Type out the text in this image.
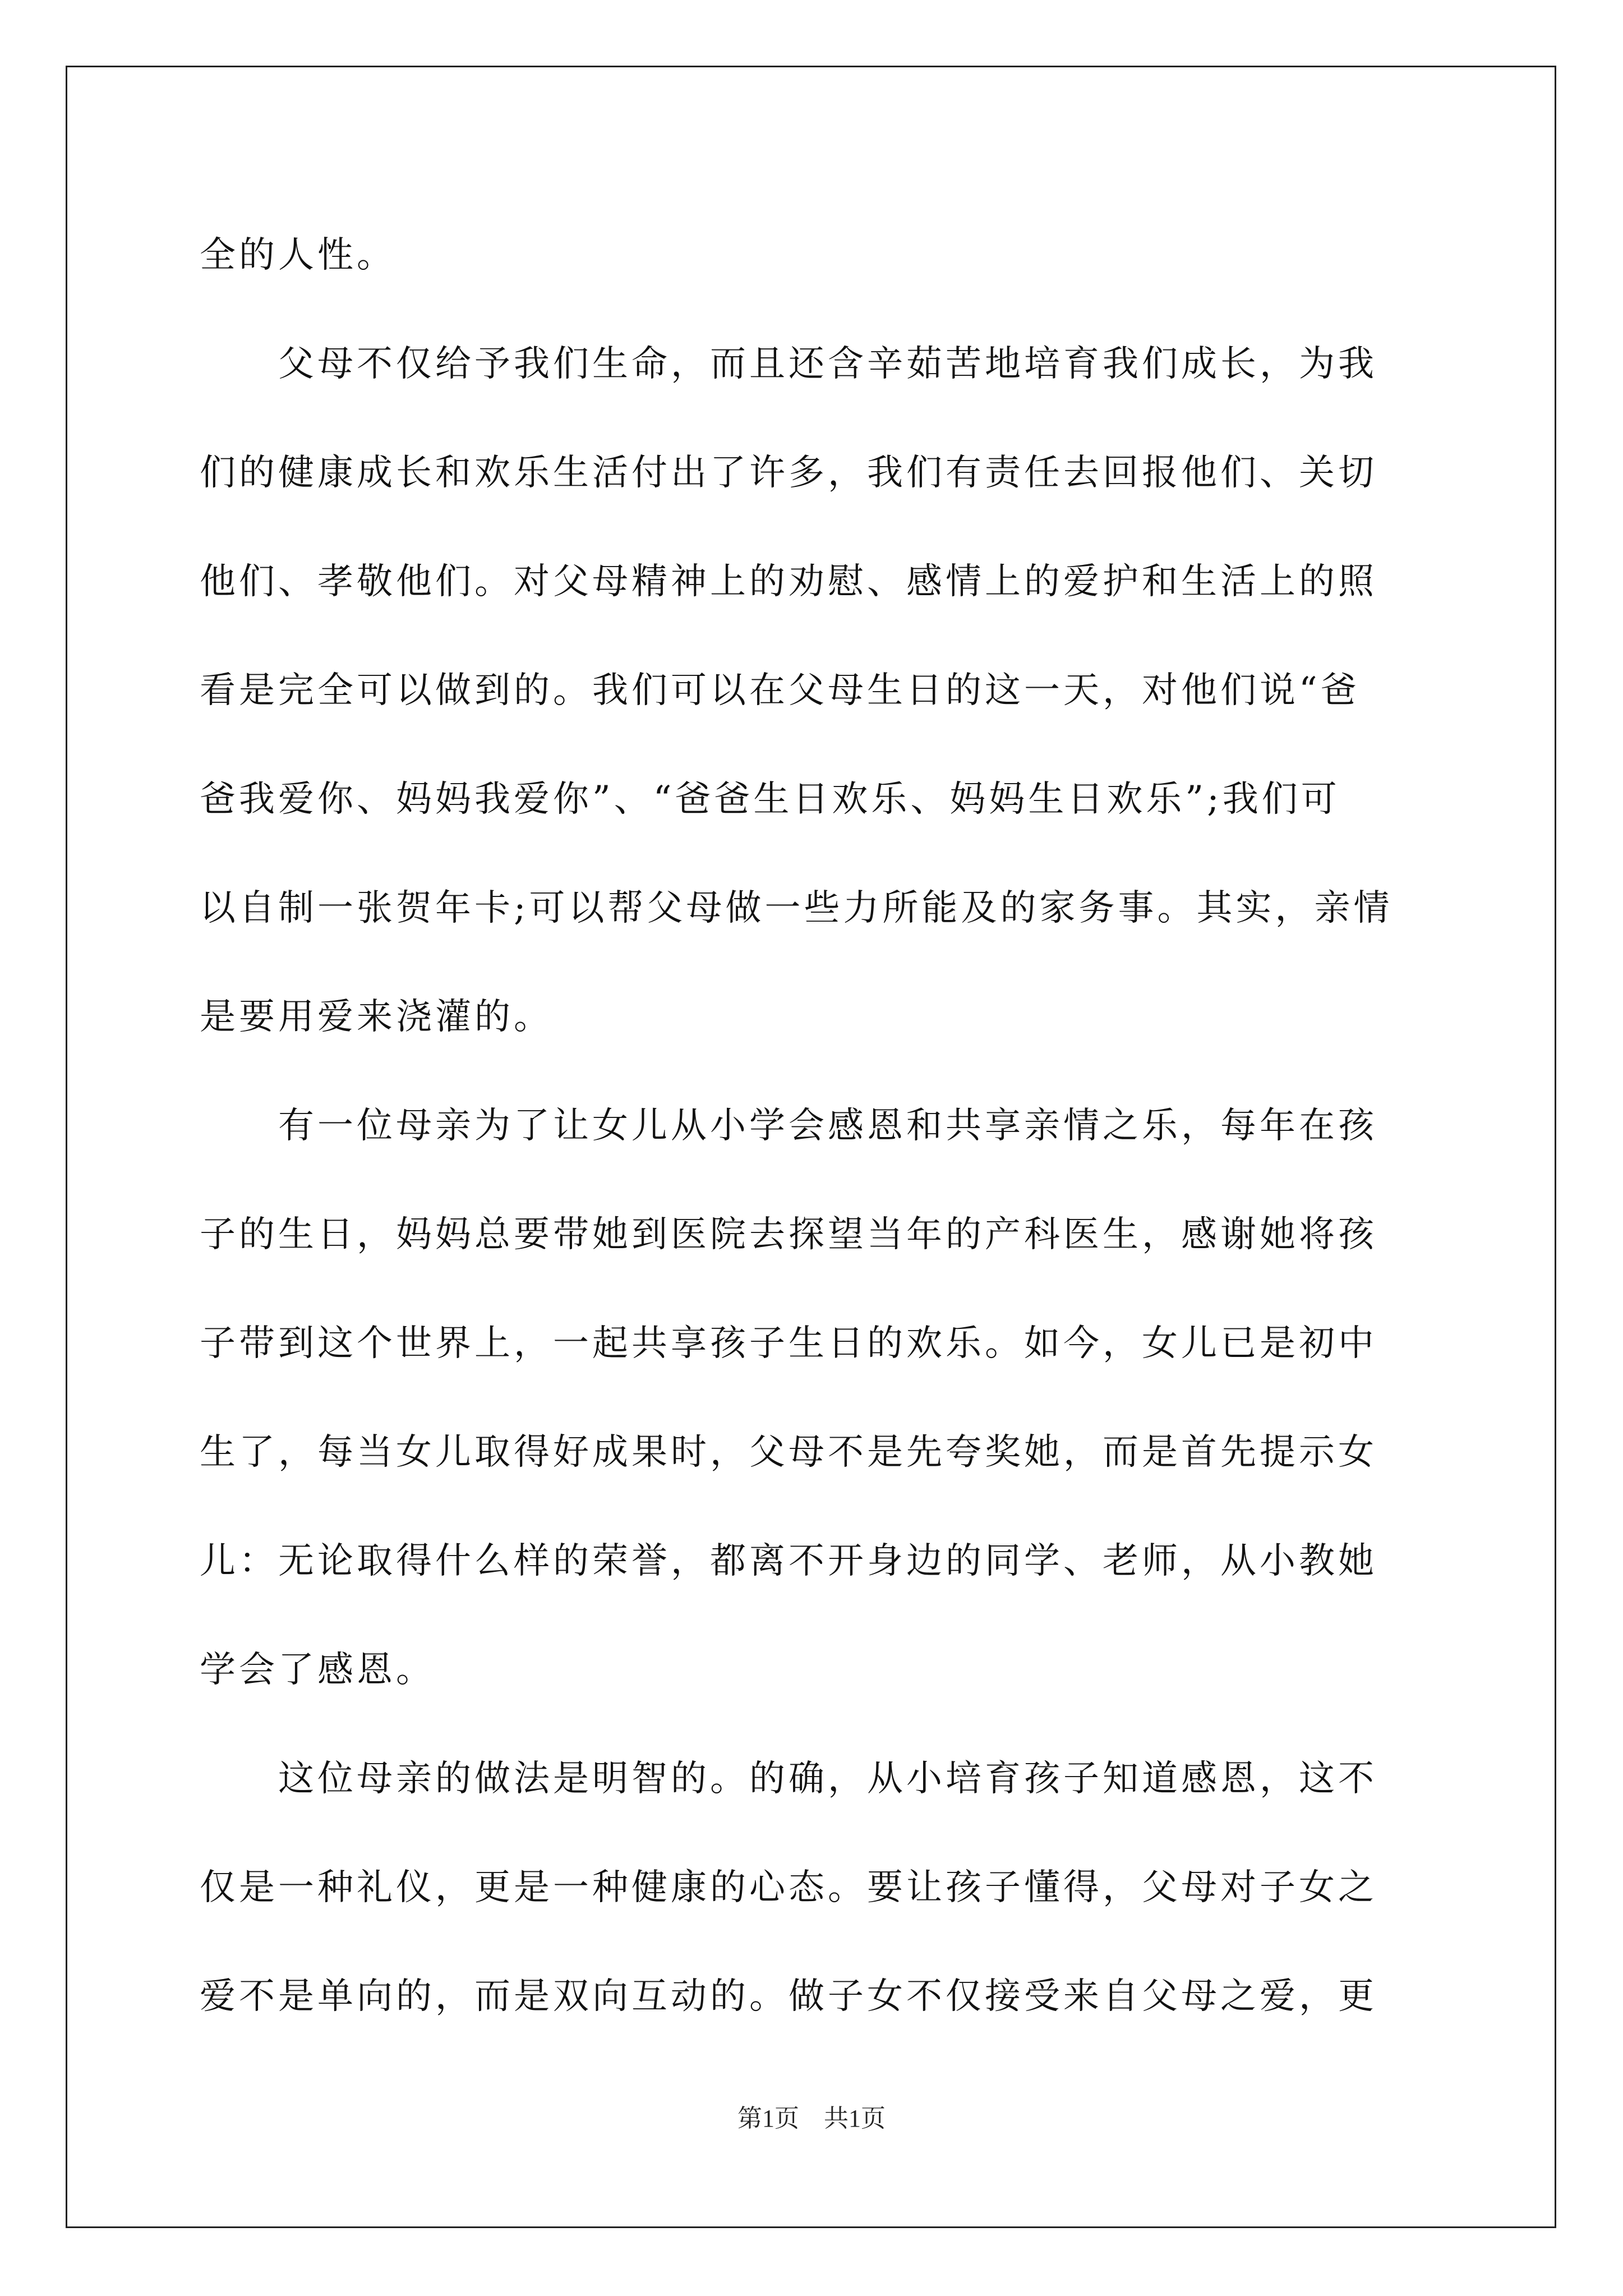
全的人性。
　　父母不仅给予我们生命，而且还含辛茹苦地培育我们成长，为我
们的健康成长和欢乐生活付出了许多，我们有责任去回报他们、关切
他们、孝敬他们。对父母精神上的劝慰、感情上的爱护和生活上的照
看是完全可以做到的。我们可以在父母生日的这一天，对他们说“爸
爸我爱你、妈妈我爱你”、“爸爸生日欢乐、妈妈生日欢乐”;我们可
以自制一张贺年卡;可以帮父母做一些力所能及的家务事。其实，亲情
是要用爱来浇灌的。
　　有一位母亲为了让女儿从小学会感恩和共享亲情之乐，每年在孩
子的生日，妈妈总要带她到医院去探望当年的产科医生，感谢她将孩
子带到这个世界上，一起共享孩子生日的欢乐。如今，女儿已是初中
生了，每当女儿取得好成果时，父母不是先夸奖她，而是首先提示女
儿：无论取得什么样的荣誉，都离不开身边的同学、老师，从小教她
学会了感恩。
　　这位母亲的做法是明智的。的确，从小培育孩子知道感恩，这不
仅是一种礼仪，更是一种健康的心态。要让孩子懂得，父母对子女之
爱不是单向的，而是双向互动的。做子女不仅接受来自父母之爱，更
第1页　共1页
